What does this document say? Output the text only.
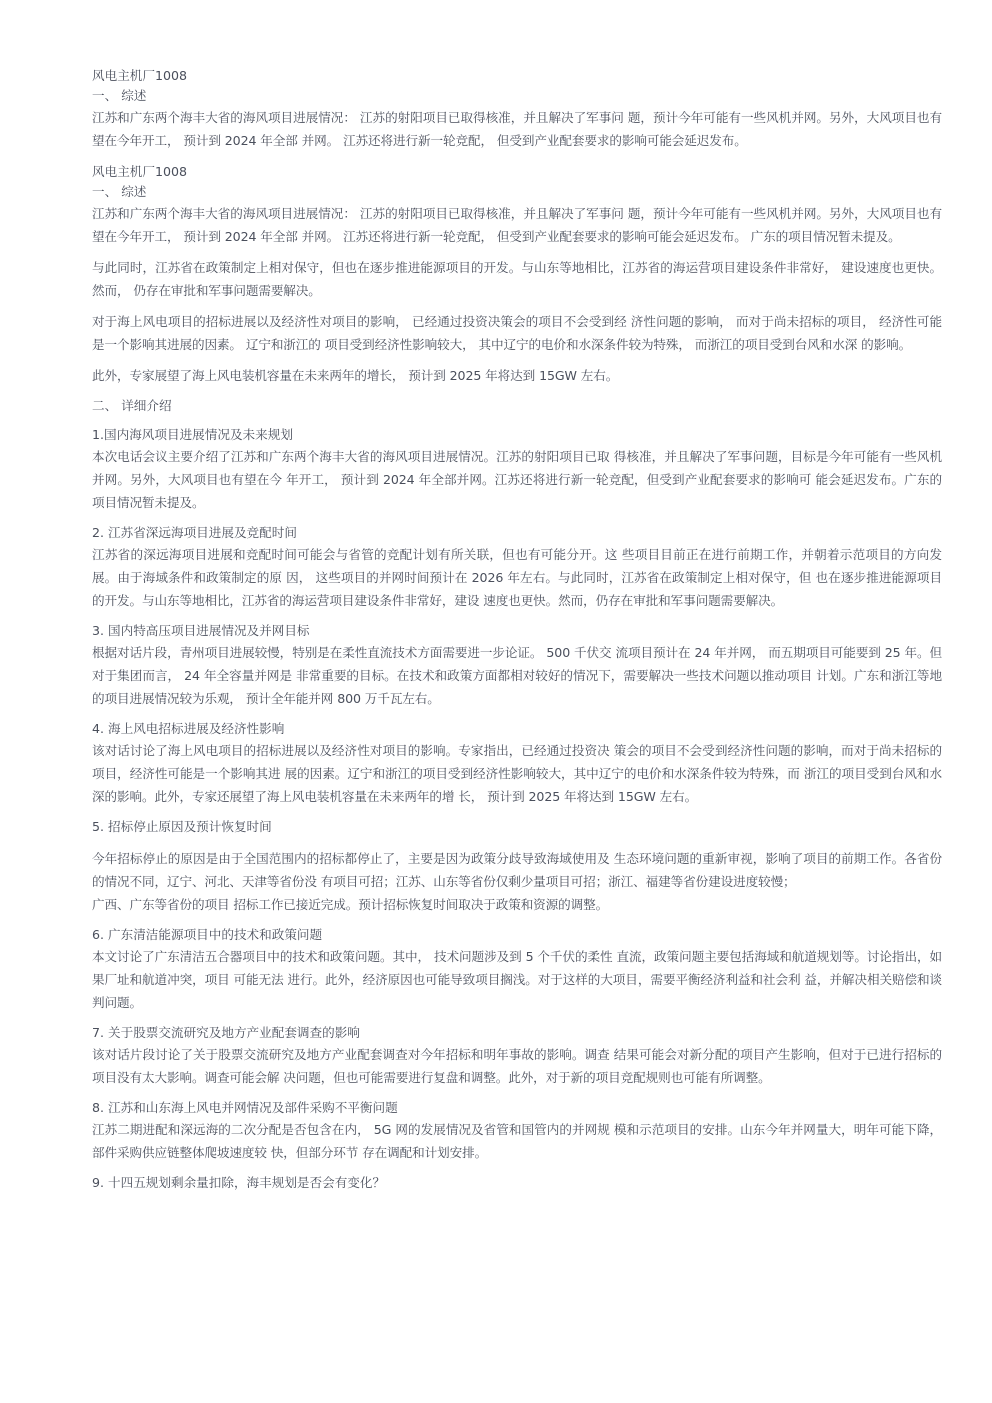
风电主机厂1008

一、 综述

江苏和广东两个海丰大省的海风项目进展情况： 江苏的射阳项目已取得核准，并且解决了军事问 题，预计今年可能有一些风机并网。另外，大风项目也有望在今年开工， 预计到 2024 年全部 并网。 江苏还将进行新一轮竞配， 但受到产业配套要求的影响可能会延迟发布。

风电主机厂1008

一、 综述

江苏和广东两个海丰大省的海风项目进展情况： 江苏的射阳项目已取得核准，并且解决了军事问 题，预计今年可能有一些风机并网。另外，大风项目也有望在今年开工， 预计到 2024 年全部 并网。 江苏还将进行新一轮竞配， 但受到产业配套要求的影响可能会延迟发布。 广东的项目情况暂未提及。

与此同时，江苏省在政策制定上相对保守，但也在逐步推进能源项目的开发。与山东等地相比，江苏省的海运营项目建设条件非常好， 建设速度也更快。 然而， 仍存在审批和军事问题需要解决。

对于海上风电项目的招标进展以及经济性对项目的影响， 已经通过投资决策会的项目不会受到经 济性问题的影响， 而对于尚未招标的项目， 经济性可能是一个影响其进展的因素。 辽宁和浙江的 项目受到经济性影响较大， 其中辽宁的电价和水深条件较为特殊， 而浙江的项目受到台风和水深 的影响。

此外，专家展望了海上风电装机容量在未来两年的增长， 预计到 2025 年将达到 15GW 左右。

二、 详细介绍

1.国内海风项目进展情况及未来规划

本次电话会议主要介绍了江苏和广东两个海丰大省的海风项目进展情况。江苏的射阳项目已取 得核准，并且解决了军事问题，目标是今年可能有一些风机并网。另外，大风项目也有望在今 年开工， 预计到 2024 年全部并网。江苏还将进行新一轮竞配，但受到产业配套要求的影响可 能会延迟发布。广东的项目情况暂未提及。

2. 江苏省深远海项目进展及竞配时间

江苏省的深远海项目进展和竞配时间可能会与省管的竞配计划有所关联，但也有可能分开。这 些项目目前正在进行前期工作，并朝着示范项目的方向发展。由于海域条件和政策制定的原 因， 这些项目的并网时间预计在 2026 年左右。与此同时，江苏省在政策制定上相对保守，但 也在逐步推进能源项目的开发。与山东等地相比，江苏省的海运营项目建设条件非常好，建设 速度也更快。然而，仍存在审批和军事问题需要解决。

3. 国内特高压项目进展情况及并网目标

根据对话片段，青州项目进展较慢，特别是在柔性直流技术方面需要进一步论证。 500 千伏交 流项目预计在 24 年并网， 而五期项目可能要到 25 年。但对于集团而言， 24 年全容量并网是 非常重要的目标。在技术和政策方面都相对较好的情况下，需要解决一些技术问题以推动项目 计划。广东和浙江等地的项目进展情况较为乐观， 预计全年能并网 800 万千瓦左右。

4. 海上风电招标进展及经济性影响

该对话讨论了海上风电项目的招标进展以及经济性对项目的影响。专家指出，已经通过投资决 策会的项目不会受到经济性问题的影响，而对于尚未招标的项目，经济性可能是一个影响其进 展的因素。辽宁和浙江的项目受到经济性影响较大，其中辽宁的电价和水深条件较为特殊，而 浙江的项目受到台风和水深的影响。此外，专家还展望了海上风电装机容量在未来两年的增 长， 预计到 2025 年将达到 15GW 左右。

5. 招标停止原因及预计恢复时间

今年招标停止的原因是由于全国范围内的招标都停止了，主要是因为政策分歧导致海域使用及 生态环境问题的重新审视，影响了项目的前期工作。各省份的情况不同，辽宁、河北、天津等省份没 有项目可招；江苏、山东等省份仅剩少量项目可招；浙江、福建等省份建设进度较慢；

广西、广东等省份的项目 招标工作已接近完成。预计招标恢复时间取决于政策和资源的调整。

6. 广东清洁能源项目中的技术和政策问题

本文讨论了广东清洁五合器项目中的技术和政策问题。其中， 技术问题涉及到 5 个千伏的柔性 直流，政策问题主要包括海域和航道规划等。讨论指出，如果厂址和航道冲突，项目 可能无法 进行。此外，经济原因也可能导致项目搁浅。对于这样的大项目，需要平衡经济利益和社会利 益，并解决相关赔偿和谈判问题。

7. 关于股票交流研究及地方产业配套调查的影响

该对话片段讨论了关于股票交流研究及地方产业配套调查对今年招标和明年事故的影响。调查 结果可能会对新分配的项目产生影响，但对于已进行招标的项目没有太大影响。调查可能会解 决问题，但也可能需要进行复盘和调整。此外，对于新的项目竞配规则也可能有所调整。

8. 江苏和山东海上风电并网情况及部件采购不平衡问题

江苏二期进配和深远海的二次分配是否包含在内， 5G 网的发展情况及省管和国管内的并网规 模和示范项目的安排。山东今年并网量大，明年可能下降，部件采购供应链整体爬坡速度较 快，但部分环节 存在调配和计划安排。

9. 十四五规划剩余量扣除，海丰规划是否会有变化？
